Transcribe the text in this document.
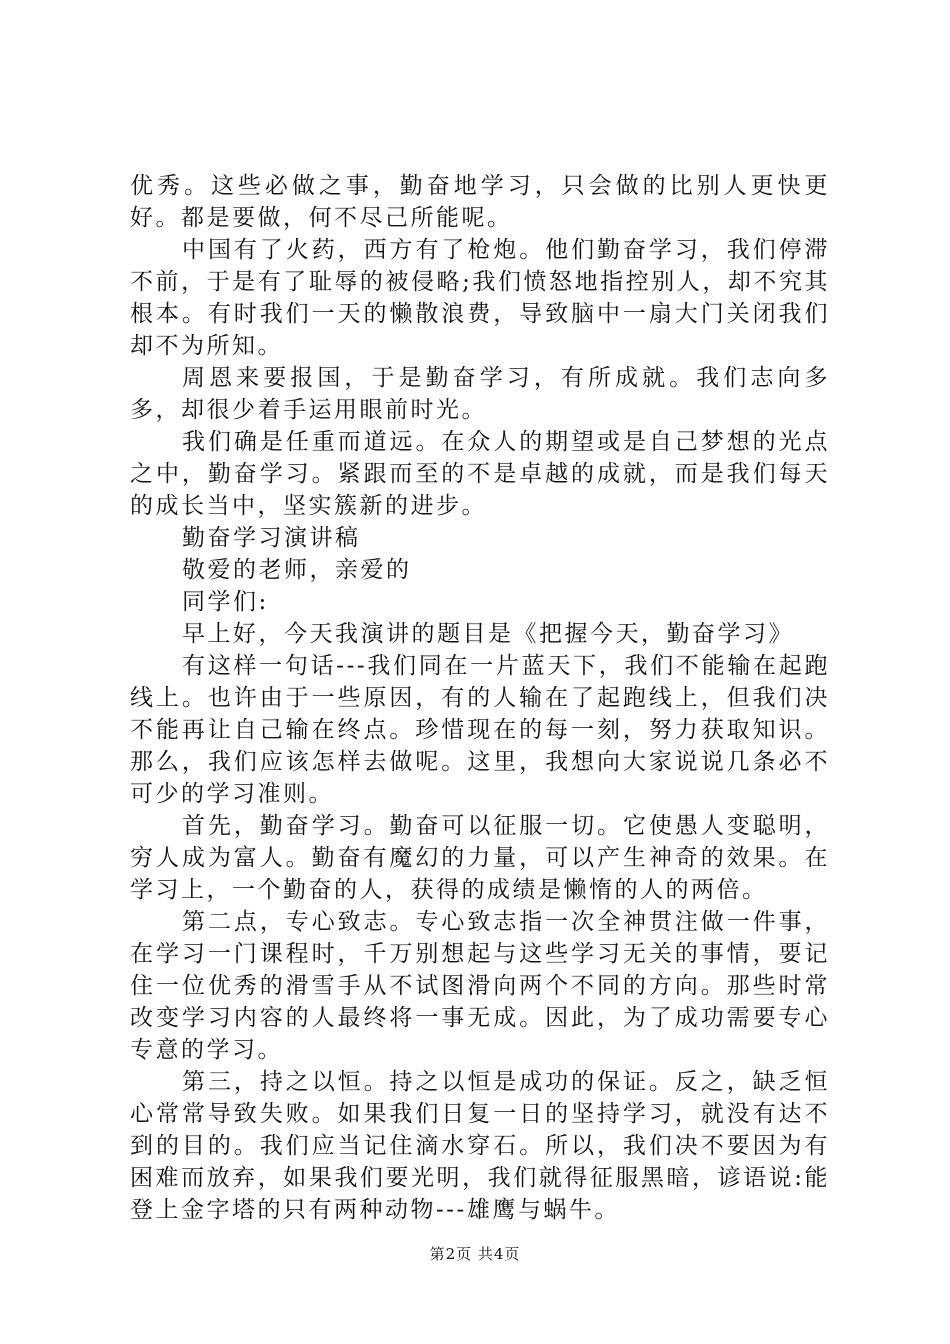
优秀。这些必做之事，勤奋地学习，只会做的比别人更快更好。都是要做，何不尽己所能呢。

中国有了火药，西方有了枪炮。他们勤奋学习，我们停滞不前，于是有了耻辱的被侵略;我们愤怒地指控别人，却不究其根本。有时我们一天的懒散浪费，导致脑中一扇大门关闭我们却不为所知。

周恩来要报国，于是勤奋学习，有所成就。我们志向多多，却很少着手运用眼前时光。

我们确是任重而道远。在众人的期望或是自己梦想的光点之中，勤奋学习。紧跟而至的不是卓越的成就，而是我们每天的成长当中，坚实簇新的进步。

勤奋学习演讲稿

敬爱的老师，亲爱的

同学们:

早上好，今天我演讲的题目是《把握今天，勤奋学习》

有这样一句话---我们同在一片蓝天下，我们不能输在起跑线上。也许由于一些原因，有的人输在了起跑线上，但我们决不能再让自己输在终点。珍惜现在的每一刻，努力获取知识。那么，我们应该怎样去做呢。这里，我想向大家说说几条必不可少的学习准则。

首先，勤奋学习。勤奋可以征服一切。它使愚人变聪明，穷人成为富人。勤奋有魔幻的力量，可以产生神奇的效果。在学习上，一个勤奋的人，获得的成绩是懒惰的人的两倍。

第二点，专心致志。专心致志指一次全神贯注做一件事，在学习一门课程时，千万别想起与这些学习无关的事情，要记住一位优秀的滑雪手从不试图滑向两个不同的方向。那些时常改变学习内容的人最终将一事无成。因此，为了成功需要专心专意的学习。

第三，持之以恒。持之以恒是成功的保证。反之，缺乏恒心常常导致失败。如果我们日复一日的坚持学习，就没有达不到的目的。我们应当记住滴水穿石。所以，我们决不要因为有困难而放弃，如果我们要光明，我们就得征服黑暗，谚语说:能登上金字塔的只有两种动物---雄鹰与蜗牛。

第2页 共4页
